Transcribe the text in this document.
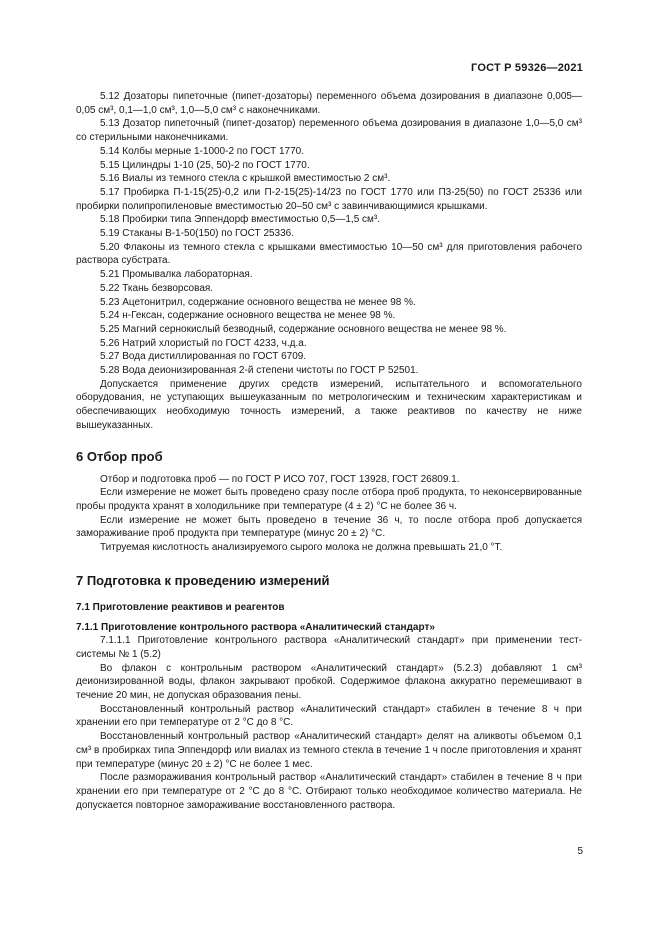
ГОСТ Р 59326—2021

5.12 Дозаторы пипеточные (пипет-дозаторы) переменного объема дозирования в диапазоне 0,005—0,05 см³, 0,1—1,0 см³, 1,0—5,0 см³ с наконечниками.

5.13 Дозатор пипеточный (пипет-дозатор) переменного объема дозирования в диапазоне 1,0—5,0 см³ со стерильными наконечниками.

5.14 Колбы мерные 1-1000-2 по ГОСТ 1770.

5.15 Цилиндры 1-10 (25, 50)-2 по ГОСТ 1770.

5.16 Виалы из темного стекла с крышкой вместимостью 2 см³.

5.17 Пробирка П-1-15(25)-0,2 или П-2-15(25)-14/23 по ГОСТ 1770 или П3-25(50) по ГОСТ 25336 или пробирки полипропиленовые вместимостью 20–50 см³ с завинчивающимися крышками.

5.18 Пробирки типа Эппендорф вместимостью 0,5—1,5 см³.

5.19 Стаканы В-1-50(150) по ГОСТ 25336.

5.20 Флаконы из темного стекла с крышками вместимостью 10—50 см³ для приготовления рабочего раствора субстрата.

5.21 Промывалка лабораторная.

5.22 Ткань безворсовая.

5.23 Ацетонитрил, содержание основного вещества не менее 98 %.

5.24 н-Гексан, содержание основного вещества не менее 98 %.

5.25 Магний сернокислый безводный, содержание основного вещества не менее 98 %.

5.26 Натрий хлористый по ГОСТ 4233, ч.д.а.

5.27 Вода дистиллированная по ГОСТ 6709.

5.28 Вода деионизированная 2-й степени чистоты по ГОСТ Р 52501.

Допускается применение других средств измерений, испытательного и вспомогательного оборудования, не уступающих вышеуказанным по метрологическим и техническим характеристикам и обеспечивающих необходимую точность измерений, а также реактивов по качеству не ниже вышеуказанных.

6 Отбор проб

Отбор и подготовка проб — по ГОСТ Р ИСО 707, ГОСТ 13928, ГОСТ 26809.1.

Если измерение не может быть проведено сразу после отбора проб продукта, то неконсервированные пробы продукта хранят в холодильнике при температуре (4 ± 2) °С не более 36 ч.

Если измерение не может быть проведено в течение 36 ч, то после отбора проб допускается замораживание проб продукта при температуре (минус 20 ± 2) °С.

Титруемая кислотность анализируемого сырого молока не должна превышать 21,0 °Т.

7 Подготовка к проведению измерений
7.1 Приготовление реактивов и реагентов
7.1.1 Приготовление контрольного раствора «Аналитический стандарт»

7.1.1.1 Приготовление контрольного раствора «Аналитический стандарт» при применении тест-системы № 1 (5.2)

Во флакон с контрольным раствором «Аналитический стандарт» (5.2.3) добавляют 1 см³ деионизированной воды, флакон закрывают пробкой. Содержимое флакона аккуратно перемешивают в течение 20 мин, не допуская образования пены.

Восстановленный контрольный раствор «Аналитический стандарт» стабилен в течение 8 ч при хранении его при температуре от 2 °С до 8 °С.

Восстановленный контрольный раствор «Аналитический стандарт» делят на аликвоты объемом 0,1 см³ в пробирках типа Эппендорф или виалах из темного стекла в течение 1 ч после приготовления и хранят при температуре (минус 20 ± 2) °С не более 1 мес.

После размораживания контрольный раствор «Аналитический стандарт» стабилен в течение 8 ч при хранении его при температуре от 2 °С до 8 °С. Отбирают только необходимое количество материала. Не допускается повторное замораживание восстановленного раствора.

5
